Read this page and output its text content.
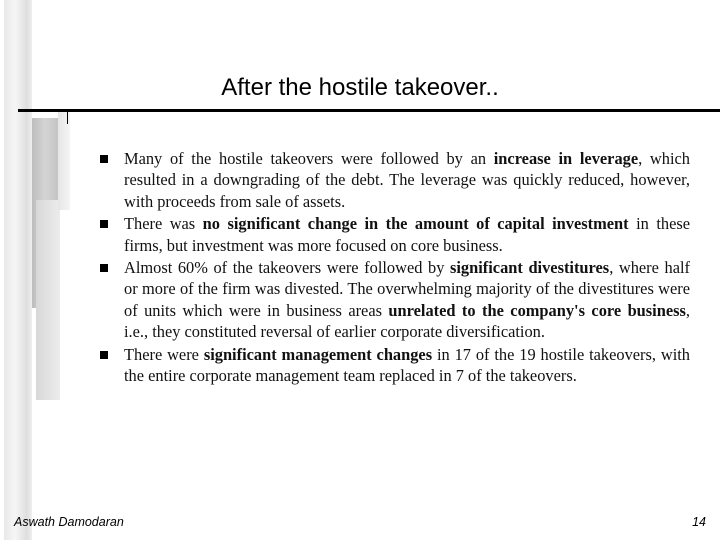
After the hostile takeover..
Many of the hostile takeovers were followed by an increase in leverage, which resulted in a downgrading of the debt. The leverage was quickly reduced, however, with proceeds from sale of assets.
There was no significant change in the amount of capital investment in these firms, but investment was more focused on core business.
Almost 60% of the takeovers were followed by significant divestitures, where half or more of the firm was divested. The overwhelming majority of the divestitures were of units which were in business areas unrelated to the company's core business, i.e., they constituted reversal of earlier corporate diversification.
There were significant management changes in 17 of the 19 hostile takeovers, with the entire corporate management team replaced in 7 of the takeovers.
Aswath Damodaran	14
